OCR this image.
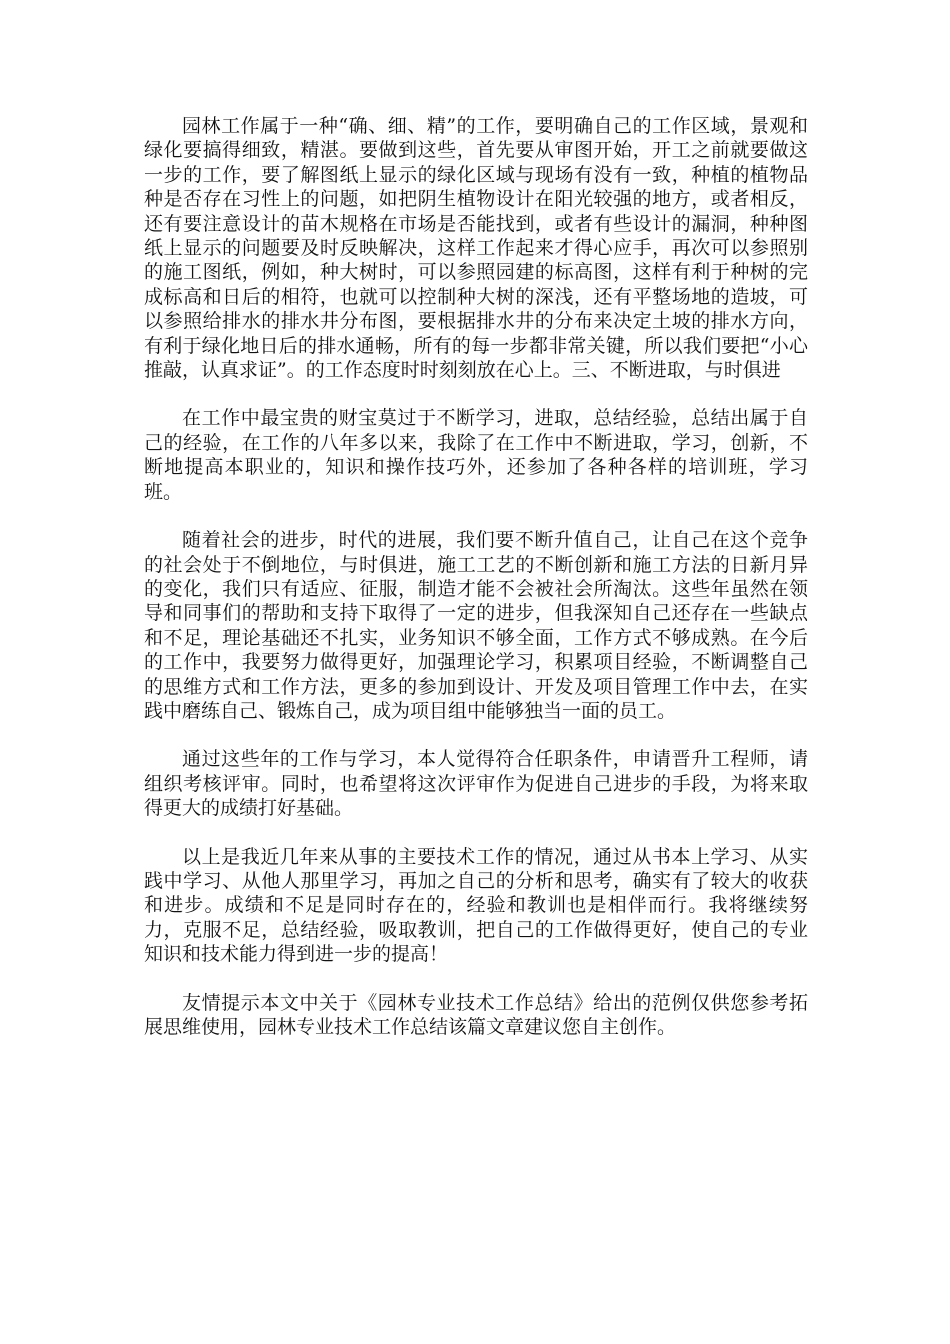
园林工作属于一种“确、细、精”的工作，要明确自己的工作区域，景观和绿化要搞得细致，精湛。要做到这些，首先要从审图开始，开工之前就要做这一步的工作，要了解图纸上显示的绿化区域与现场有没有一致，种植的植物品种是否存在习性上的问题，如把阴生植物设计在阳光较强的地方，或者相反，还有要注意设计的苗木规格在市场是否能找到，或者有些设计的漏洞，种种图纸上显示的问题要及时反映解决，这样工作起来才得心应手，再次可以参照别的施工图纸，例如，种大树时，可以参照园建的标高图，这样有利于种树的完成标高和日后的相符，也就可以控制种大树的深浅，还有平整场地的造坡，可以参照给排水的排水井分布图，要根据排水井的分布来决定土坡的排水方向，有利于绿化地日后的排水通畅，所有的每一步都非常关键，所以我们要把“小心推敲，认真求证”。的工作态度时时刻刻放在心上。三、不断进取，与时俱进

在工作中最宝贵的财宝莫过于不断学习，进取，总结经验，总结出属于自己的经验，在工作的八年多以来，我除了在工作中不断进取，学习，创新，不断地提高本职业的，知识和操作技巧外，还参加了各种各样的培训班，学习班。

随着社会的进步，时代的进展，我们要不断升值自己，让自己在这个竞争的社会处于不倒地位，与时俱进，施工工艺的不断创新和施工方法的日新月异的变化，我们只有适应、征服，制造才能不会被社会所淘汰。这些年虽然在领导和同事们的帮助和支持下取得了一定的进步，但我深知自己还存在一些缺点和不足，理论基础还不扎实，业务知识不够全面，工作方式不够成熟。在今后的工作中，我要努力做得更好，加强理论学习，积累项目经验，不断调整自己的思维方式和工作方法，更多的参加到设计、开发及项目管理工作中去，在实践中磨练自己、锻炼自己，成为项目组中能够独当一面的员工。

通过这些年的工作与学习，本人觉得符合任职条件，申请晋升工程师，请组织考核评审。同时，也希望将这次评审作为促进自己进步的手段，为将来取得更大的成绩打好基础。

以上是我近几年来从事的主要技术工作的情况，通过从书本上学习、从实践中学习、从他人那里学习，再加之自己的分析和思考，确实有了较大的收获和进步。成绩和不足是同时存在的，经验和教训也是相伴而行。我将继续努力，克服不足，总结经验，吸取教训，把自己的工作做得更好，使自己的专业知识和技术能力得到进一步的提高！

友情提示本文中关于《园林专业技术工作总结》给出的范例仅供您参考拓展思维使用，园林专业技术工作总结该篇文章建议您自主创作。
